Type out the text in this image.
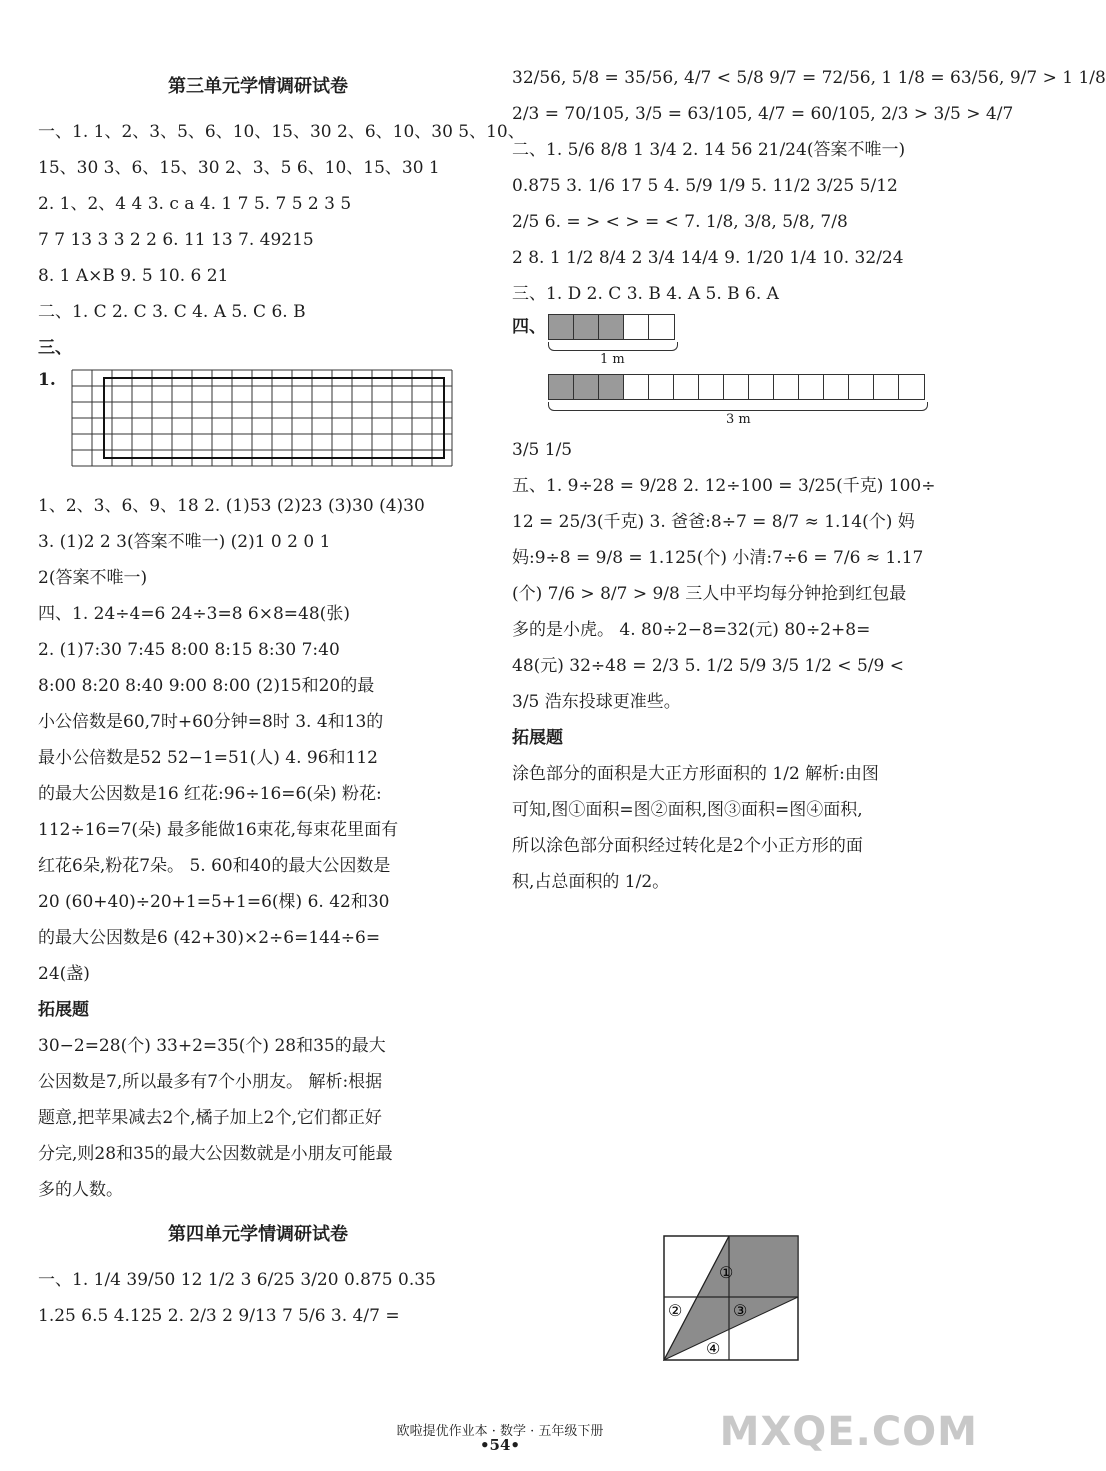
第三单元学情调研试卷
一、1. 1、2、3、5、6、10、15、30 2、6、10、30 5、10、
15、30 3、6、15、30 2、3、5 6、10、15、30 1
2. 1、2、4 4 3. c a 4. 1 7 5. 7 5 2 3 5
7 7 13 3 3 2 2 6. 11 13 7. 49215
8. 1 A×B 9. 5 10. 6 21
二、1. C 2. C 3. C 4. A 5. C 6. B
三、
1.
1、2、3、6、9、18 2. (1)53 (2)23 (3)30 (4)30
3. (1)2 2 3(答案不唯一) (2)1 0 2 0 1
2(答案不唯一)
四、1. 24÷4=6 24÷3=8 6×8=48(张)
2. (1)7:30 7:45 8:00 8:15 8:30 7:40
8:00 8:20 8:40 9:00 8:00 (2)15和20的最
小公倍数是60,7时+60分钟=8时 3. 4和13的
最小公倍数是52 52−1=51(人) 4. 96和112
的最大公因数是16 红花:96÷16=6(朵) 粉花:
112÷16=7(朵) 最多能做16束花,每束花里面有
红花6朵,粉花7朵。 5. 60和40的最大公因数是
20 (60+40)÷20+1=5+1=6(棵) 6. 42和30
的最大公因数是6 (42+30)×2÷6=144÷6=
24(盏)
拓展题
30−2=28(个) 33+2=35(个) 28和35的最大
公因数是7,所以最多有7个小朋友。 解析:根据
题意,把苹果减去2个,橘子加上2个,它们都正好
分完,则28和35的最大公因数就是小朋友可能最
多的人数。
第四单元学情调研试卷
一、1. 1/4 39/50 12 1/2 3 6/25 3/20 0.875 0.35
1.25 6.5 4.125 2. 2/3 2 9/13 7 5/6 3. 4/7 =
32/56, 5/8 = 35/56, 4/7 < 5/8 9/7 = 72/56, 1 1/8 = 63/56, 9/7 > 1 1/8
2/3 = 70/105, 3/5 = 63/105, 4/7 = 60/105, 2/3 > 3/5 > 4/7
二、1. 5/6 8/8 1 3/4 2. 14 56 21/24(答案不唯一)
0.875 3. 1/6 17 5 4. 5/9 1/9 5. 11/2 3/25 5/12
2/5 6. = > < > = < 7. 1/8, 3/8, 5/8, 7/8
2 8. 1 1/2 8/4 2 3/4 14/4 9. 1/20 1/4 10. 32/24
三、1. D 2. C 3. B 4. A 5. B 6. A
四、
1 m
3 m
3/5 1/5
五、1. 9÷28 = 9/28 2. 12÷100 = 3/25(千克) 100÷
12 = 25/3(千克) 3. 爸爸:8÷7 = 8/7 ≈ 1.14(个) 妈
妈:9÷8 = 9/8 = 1.125(个) 小清:7÷6 = 7/6 ≈ 1.17
(个) 7/6 > 8/7 > 9/8 三人中平均每分钟抢到红包最
多的是小虎。 4. 80÷2−8=32(元) 80÷2+8=
48(元) 32÷48 = 2/3 5. 1/2 5/9 3/5 1/2 < 5/9 <
3/5 浩东投球更准些。
拓展题
涂色部分的面积是大正方形面积的 1/2 解析:由图
可知,图①面积=图②面积,图③面积=图④面积,
所以涂色部分面积经过转化是2个小正方形的面
积,占总面积的 1/2。
①
②	③
④
欧啦提优作业本 · 数学 · 五年级下册
•54•	MXQE.COM
